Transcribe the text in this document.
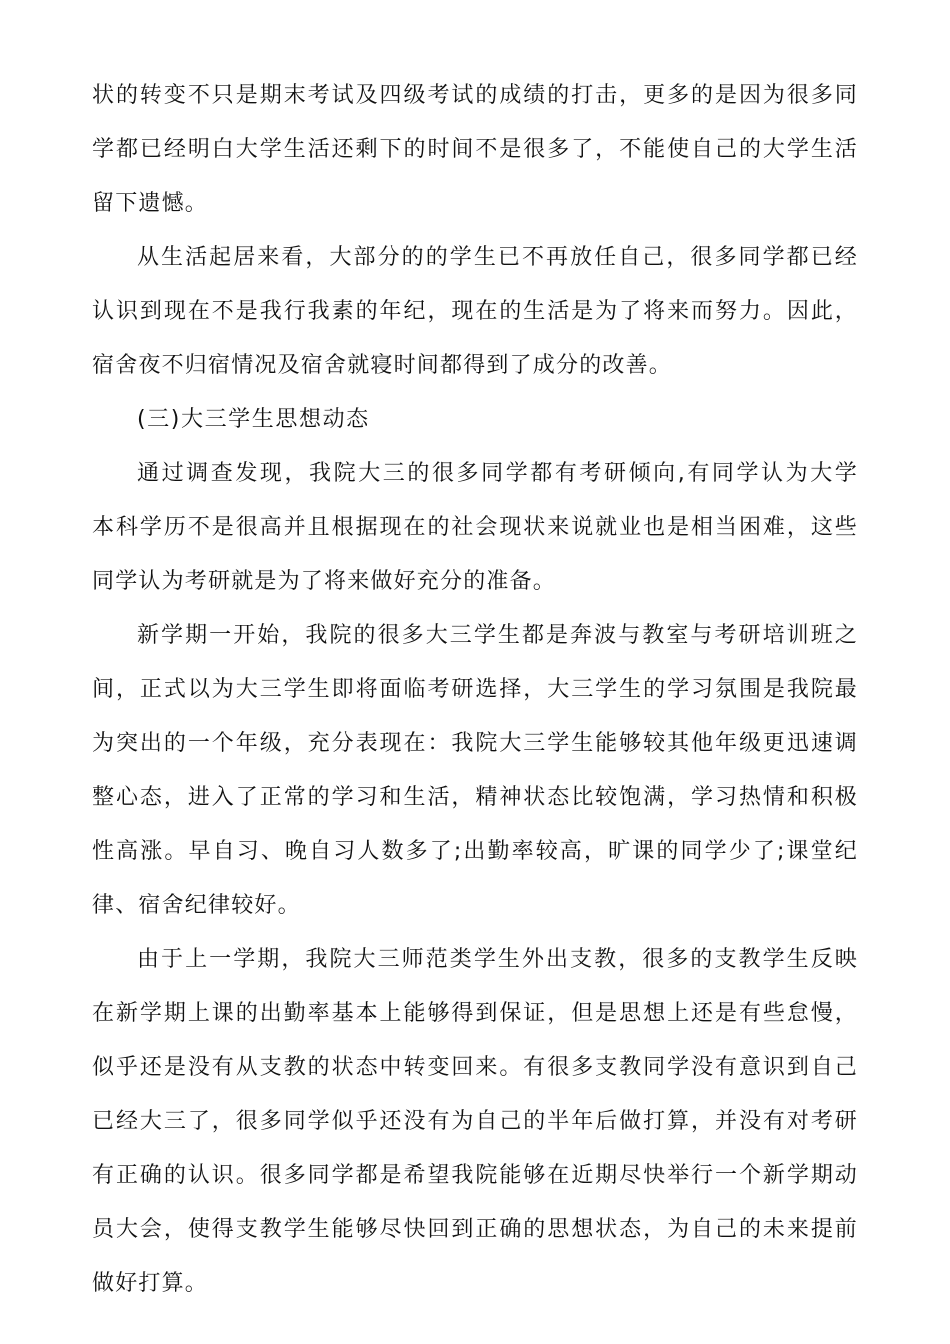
状的转变不只是期末考试及四级考试的成绩的打击，更多的是因为很多同
学都已经明白大学生活还剩下的时间不是很多了，不能使自己的大学生活
留下遗憾。

从生活起居来看，大部分的的学生已不再放任自己，很多同学都已经
认识到现在不是我行我素的年纪，现在的生活是为了将来而努力。因此，
宿舍夜不归宿情况及宿舍就寝时间都得到了成分的改善。

(三)大三学生思想动态

通过调查发现，我院大三的很多同学都有考研倾向,有同学认为大学
本科学历不是很高并且根据现在的社会现状来说就业也是相当困难，这些
同学认为考研就是为了将来做好充分的准备。

新学期一开始，我院的很多大三学生都是奔波与教室与考研培训班之
间，正式以为大三学生即将面临考研选择，大三学生的学习氛围是我院最
为突出的一个年级，充分表现在：我院大三学生能够较其他年级更迅速调
整心态，进入了正常的学习和生活，精神状态比较饱满，学习热情和积极
性高涨。早自习、晚自习人数多了;出勤率较高，旷课的同学少了;课堂纪
律、宿舍纪律较好。

由于上一学期，我院大三师范类学生外出支教，很多的支教学生反映
在新学期上课的出勤率基本上能够得到保证，但是思想上还是有些怠慢，
似乎还是没有从支教的状态中转变回来。有很多支教同学没有意识到自己
已经大三了，很多同学似乎还没有为自己的半年后做打算，并没有对考研
有正确的认识。很多同学都是希望我院能够在近期尽快举行一个新学期动
员大会，使得支教学生能够尽快回到正确的思想状态，为自己的未来提前
做好打算。
